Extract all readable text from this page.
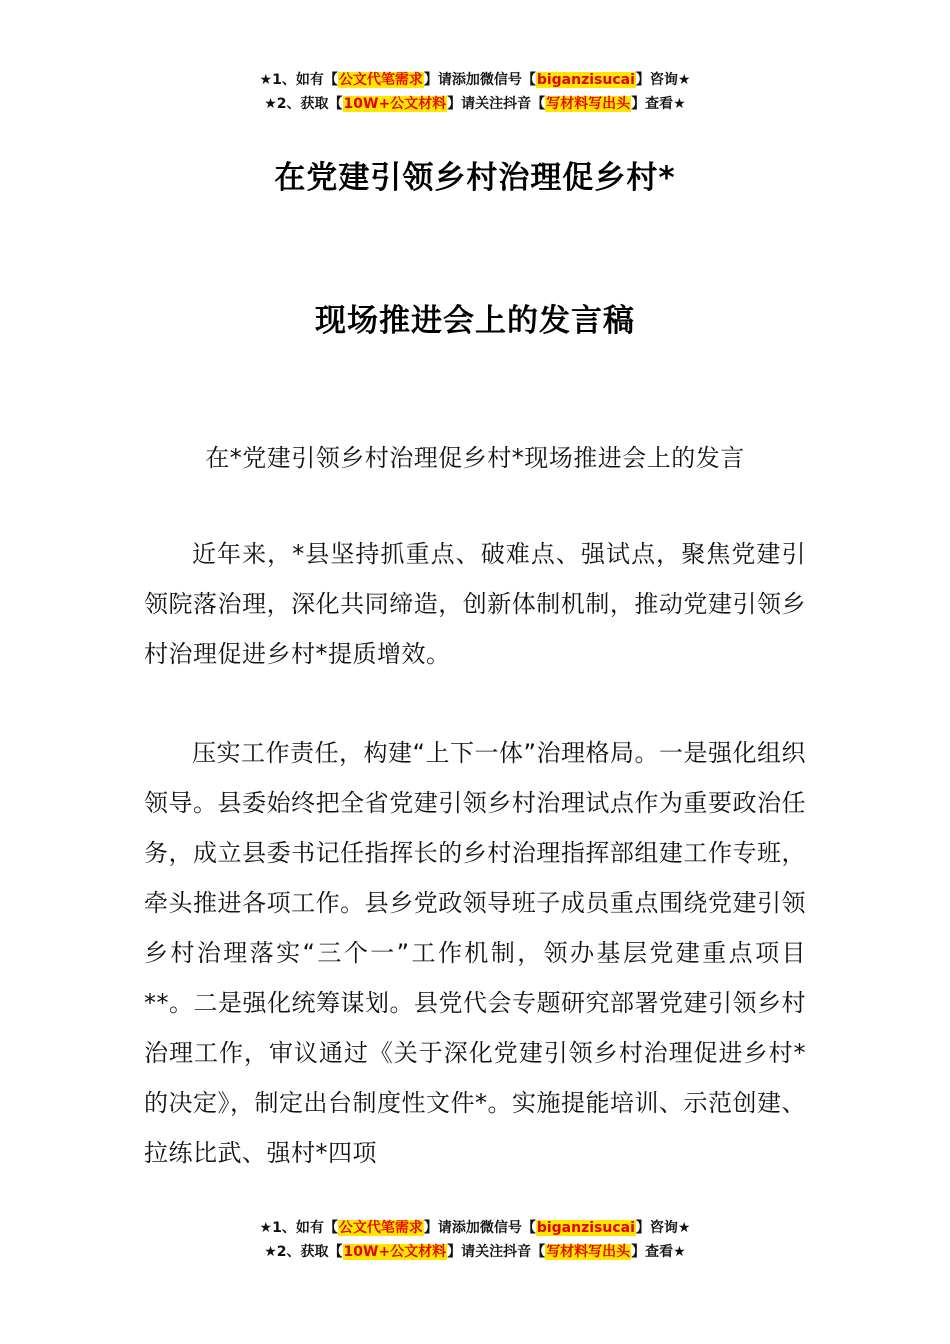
★1、如有【公文代笔需求】请添加微信号【biganzisucai】咨询★
★2、获取【10W+公文材料】请关注抖音【写材料写出头】查看★
在党建引领乡村治理促乡村*
现场推进会上的发言稿
在*党建引领乡村治理促乡村*现场推进会上的发言

近年来，*县坚持抓重点、破难点、强试点，聚焦党建引领院落治理，深化共同缔造，创新体制机制，推动党建引领乡村治理促进乡村*提质增效。

压实工作责任，构建“上下一体”治理格局。一是强化组织领导。县委始终把全省党建引领乡村治理试点作为重要政治任务，成立县委书记任指挥长的乡村治理指挥部组建工作专班，牵头推进各项工作。县乡党政领导班子成员重点围绕党建引领乡村治理落实“三个一”工作机制，领办基层党建重点项目**。二是强化统筹谋划。县党代会专题研究部署党建引领乡村治理工作，审议通过《关于深化党建引领乡村治理促进乡村*的决定》，制定出台制度性文件*。实施提能培训、示范创建、拉练比武、强村*四项

★1、如有【公文代笔需求】请添加微信号【biganzisucai】咨询★
★2、获取【10W+公文材料】请关注抖音【写材料写出头】查看★
